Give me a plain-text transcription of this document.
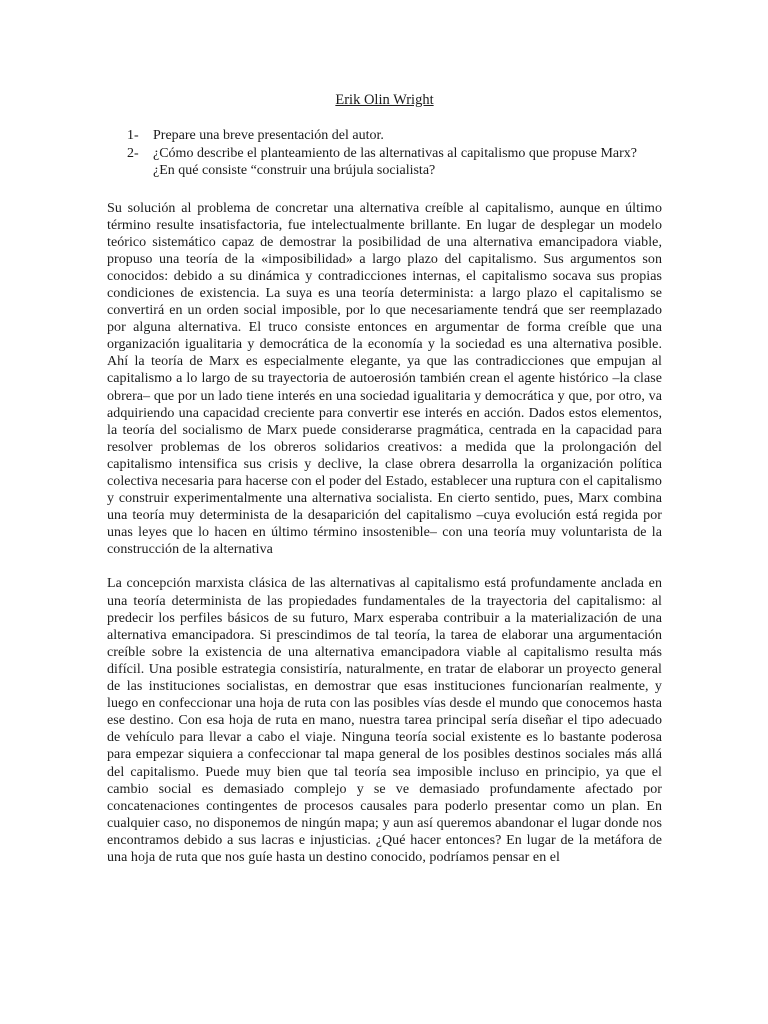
Erik Olin Wright
1-	Prepare una breve presentación del autor.
2-	¿Cómo describe el planteamiento de las alternativas al capitalismo que propuse Marx? ¿En qué consiste “construir una brújula socialista?

Su solución al problema de concretar una alternativa creíble al capitalismo, aunque en último término resulte insatisfactoria, fue intelectualmente brillante. En lugar de desplegar un modelo teórico sistemático capaz de demostrar la posibilidad de una alternativa emancipadora viable, propuso una teoría de la «imposibilidad» a largo plazo del capitalismo. Sus argumentos son conocidos: debido a su dinámica y contradicciones internas, el capitalismo socava sus propias condiciones de existencia. La suya es una teoría determinista: a largo plazo el capitalismo se convertirá en un orden social imposible, por lo que necesariamente tendrá que ser reemplazado por alguna alternativa. El truco consiste entonces en argumentar de forma creíble que una organización igualitaria y democrática de la economía y la sociedad es una alternativa posible. Ahí la teoría de Marx es especialmente elegante, ya que las contradicciones que empujan al capitalismo a lo largo de su trayectoria de autoerosión también crean el agente histórico –la clase obrera– que por un lado tiene interés en una sociedad igualitaria y democrática y que, por otro, va adquiriendo una capacidad creciente para convertir ese interés en acción. Dados estos elementos, la teoría del socialismo de Marx puede considerarse pragmática, centrada en la capacidad para resolver problemas de los obreros solidarios creativos: a medida que la prolongación del capitalismo intensifica sus crisis y declive, la clase obrera desarrolla la organización política colectiva necesaria para hacerse con el poder del Estado, establecer una ruptura con el capitalismo y construir experimentalmente una alternativa socialista. En cierto sentido, pues, Marx combina una teoría muy determinista de la desaparición del capitalismo –cuya evolución está regida por unas leyes que lo hacen en último término insostenible– con una teoría muy voluntarista de la construcción de la alternativa

La concepción marxista clásica de las alternativas al capitalismo está profundamente anclada en una teoría determinista de las propiedades fundamentales de la trayectoria del capitalismo: al predecir los perfiles básicos de su futuro, Marx esperaba contribuir a la materialización de una alternativa emancipadora. Si prescindimos de tal teoría, la tarea de elaborar una argumentación creíble sobre la existencia de una alternativa emancipadora viable al capitalismo resulta más difícil. Una posible estrategia consistiría, naturalmente, en tratar de elaborar un proyecto general de las instituciones socialistas, en demostrar que esas instituciones funcionarían realmente, y luego en confeccionar una hoja de ruta con las posibles vías desde el mundo que conocemos hasta ese destino. Con esa hoja de ruta en mano, nuestra tarea principal sería diseñar el tipo adecuado de vehículo para llevar a cabo el viaje. Ninguna teoría social existente es lo bastante poderosa para empezar siquiera a confeccionar tal mapa general de los posibles destinos sociales más allá del capitalismo. Puede muy bien que tal teoría sea imposible incluso en principio, ya que el cambio social es demasiado complejo y se ve demasiado profundamente afectado por concatenaciones contingentes de procesos causales para poderlo presentar como un plan. En cualquier caso, no disponemos de ningún mapa; y aun así queremos abandonar el lugar donde nos encontramos debido a sus lacras e injusticias. ¿Qué hacer entonces? En lugar de la metáfora de una hoja de ruta que nos guíe hasta un destino conocido, podríamos pensar en el
